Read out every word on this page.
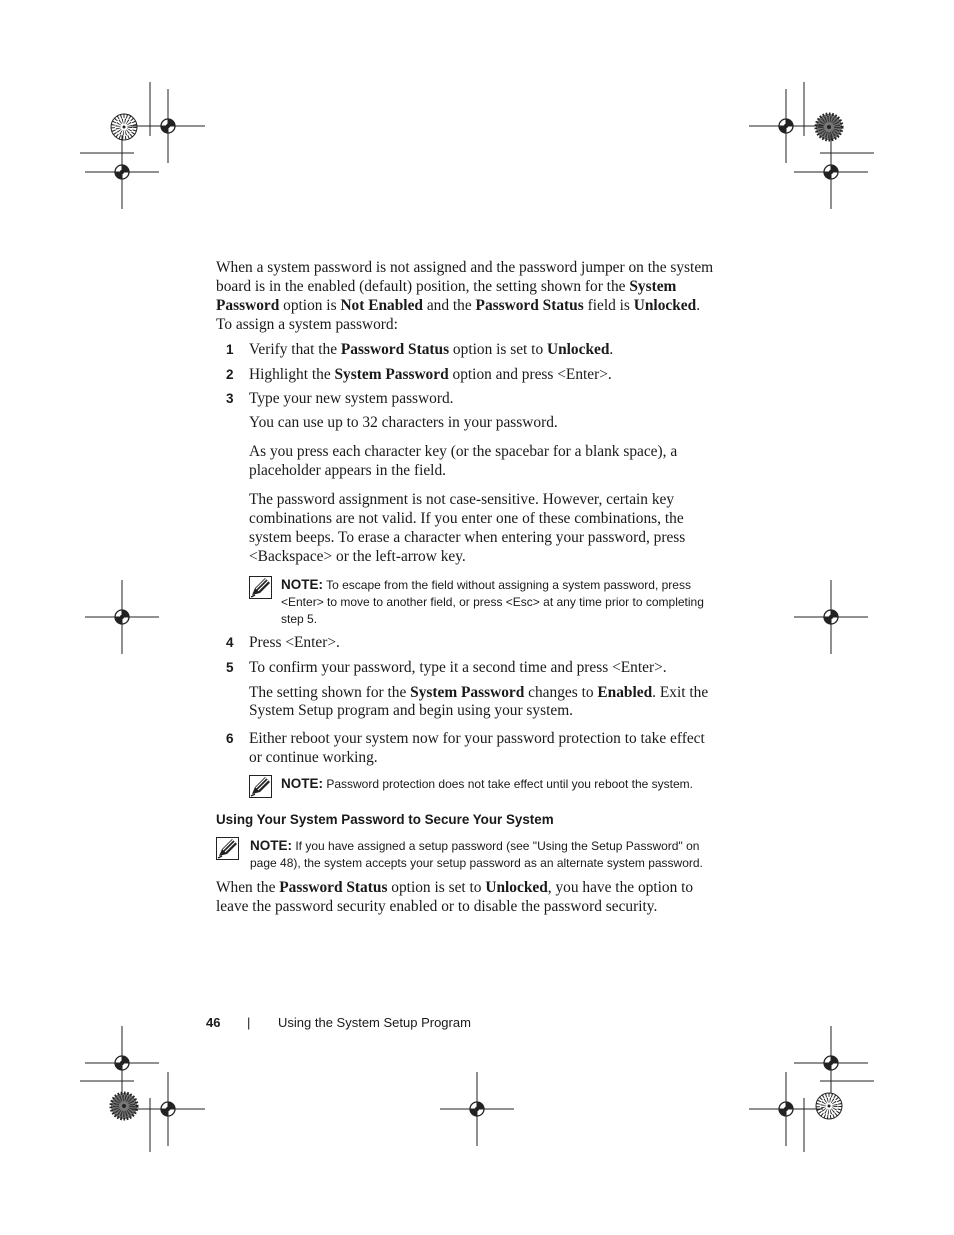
When a system password is not assigned and the password jumper on the system board is in the enabled (default) position, the setting shown for the System Password option is Not Enabled and the Password Status field is Unlocked. To assign a system password:

1 Verify that the Password Status option is set to Unlocked.
2 Highlight the System Password option and press <Enter>.
3 Type your new system password.

You can use up to 32 characters in your password.

As you press each character key (or the spacebar for a blank space), a placeholder appears in the field.

The password assignment is not case-sensitive. However, certain key combinations are not valid. If you enter one of these combinations, the system beeps. To erase a character when entering your password, press <Backspace> or the left-arrow key.

NOTE: To escape from the field without assigning a system password, press <Enter> to move to another field, or press <Esc> at any time prior to completing step 5.
4 Press <Enter>.
5 To confirm your password, type it a second time and press <Enter>.

The setting shown for the System Password changes to Enabled. Exit the System Setup program and begin using your system.

6 Either reboot your system now for your password protection to take effect or continue working.
NOTE: Password protection does not take effect until you reboot the system.

Using Your System Password to Secure Your System

NOTE: If you have assigned a setup password (see "Using the Setup Password" on page 48), the system accepts your setup password as an alternate system password.

When the Password Status option is set to Unlocked, you have the option to leave the password security enabled or to disable the password security.

46 | Using the System Setup Program
